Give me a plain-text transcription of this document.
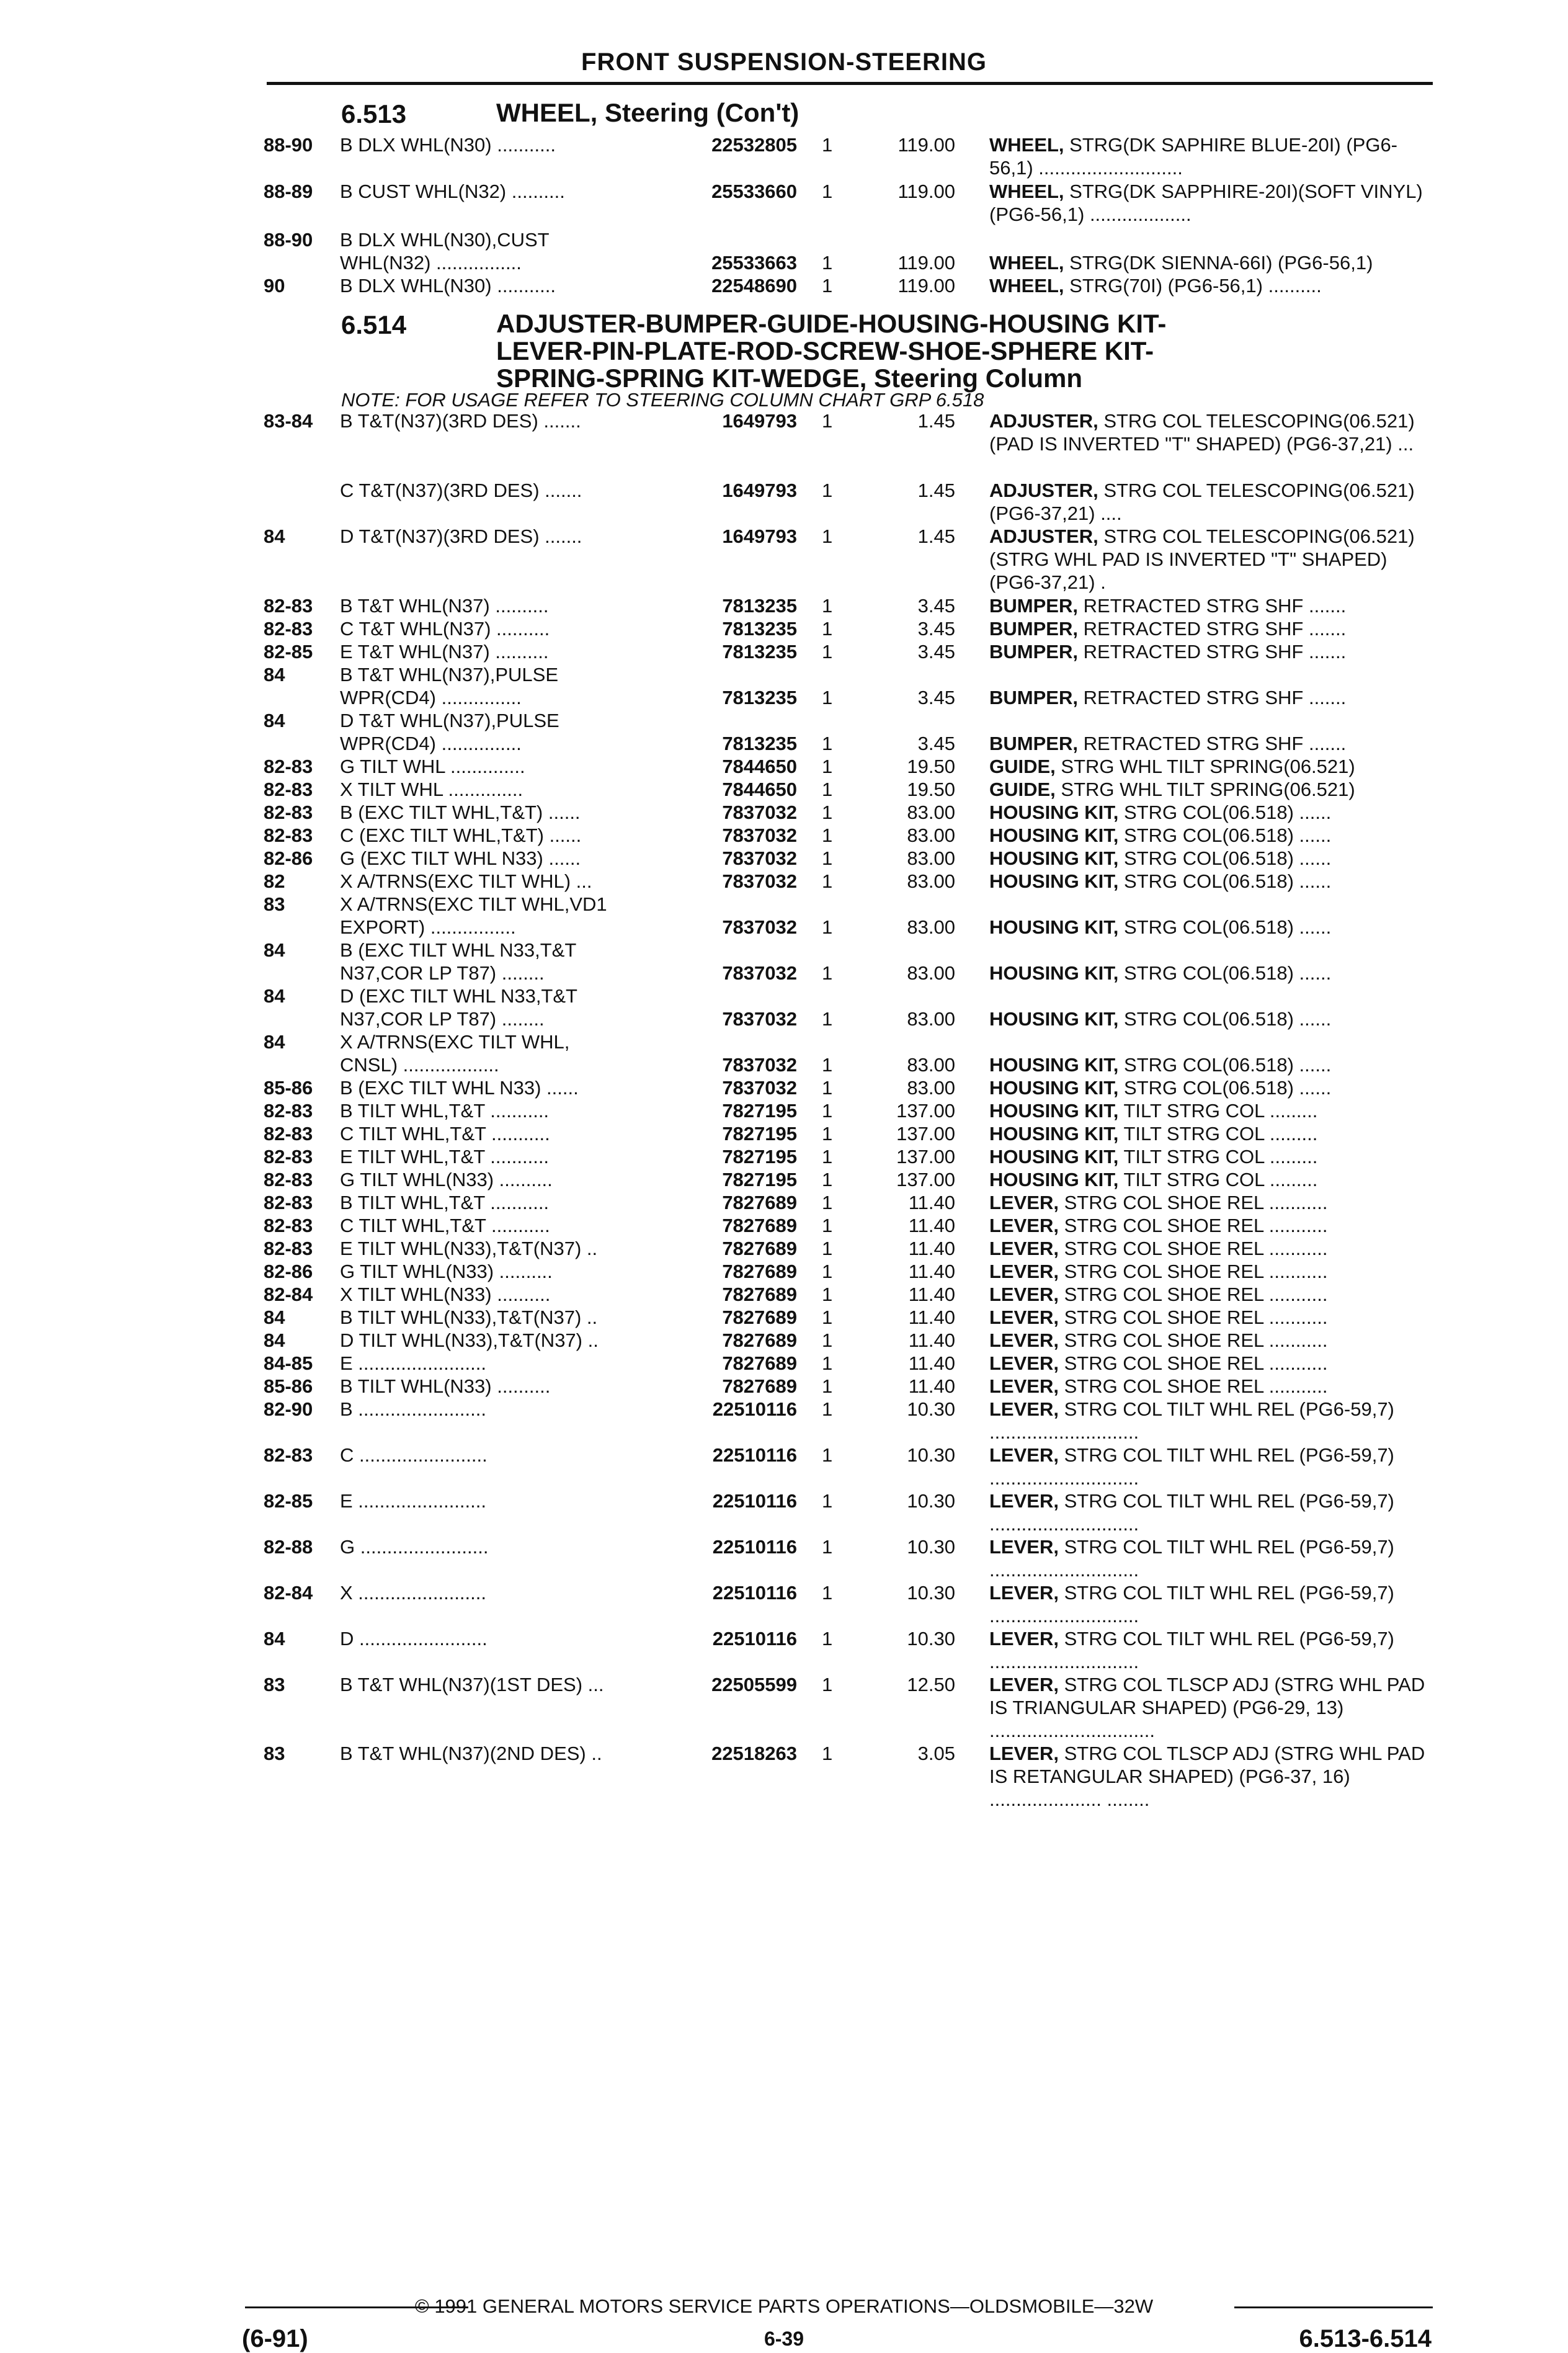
FRONT SUSPENSION-STEERING
6.513	WHEEL, Steering (Con't)
6.514	ADJUSTER-BUMPER-GUIDE-HOUSING-HOUSING KIT-
LEVER-PIN-PLATE-ROD-SCREW-SHOE-SPHERE KIT-
SPRING-SPRING KIT-WEDGE, Steering Column
NOTE: FOR USAGE REFER TO STEERING COLUMN CHART GRP 6.518
88-90 B DLX WHL(N30) ...........	22532805 1	119.00 WHEEL, STRG(DK SAPHIRE BLUE-20I) (PG6-56,1) ...........................
88-89 B CUST WHL(N32) ..........	25533660 1	119.00 WHEEL, STRG(DK SAPPHIRE-20I)(SOFT VINYL) (PG6-56,1) ...................
88-90 B DLX WHL(N30),CUST
WHL(N32) ................	25533663 1	119.00 WHEEL, STRG(DK SIENNA-66I) (PG6-56,1)
90	B DLX WHL(N30) ...........	22548690 1	119.00 WHEEL, STRG(70I) (PG6-56,1) ..........
83-84 B T&T(N37)(3RD DES) .......	1649793 1	1.45 ADJUSTER, STRG COL TELESCOPING(06.521) (PAD IS INVERTED "T" SHAPED) (PG6-37,21) ...
C T&T(N37)(3RD DES) .......	1649793 1	1.45 ADJUSTER, STRG COL TELESCOPING(06.521) (PG6-37,21) ....
84	D T&T(N37)(3RD DES) .......	1649793 1	1.45 ADJUSTER, STRG COL TELESCOPING(06.521) (STRG WHL PAD IS INVERTED "T" SHAPED) (PG6-37,21) .
82-83 B T&T WHL(N37) ..........	7813235 1	3.45 BUMPER, RETRACTED STRG SHF .......
82-83 C T&T WHL(N37) ..........	7813235 1	3.45 BUMPER, RETRACTED STRG SHF .......
82-85 E T&T WHL(N37) ..........	7813235 1	3.45 BUMPER, RETRACTED STRG SHF .......
84	B T&T WHL(N37),PULSE
WPR(CD4) ...............	7813235 1	3.45 BUMPER, RETRACTED STRG SHF .......
84	D T&T WHL(N37),PULSE
WPR(CD4) ...............	7813235 1	3.45 BUMPER, RETRACTED STRG SHF .......
82-83 G TILT WHL ..............	7844650 1	19.50 GUIDE, STRG WHL TILT SPRING(06.521)
82-83 X TILT WHL ..............	7844650 1	19.50 GUIDE, STRG WHL TILT SPRING(06.521)
82-83 B (EXC TILT WHL,T&T) ......	7837032 1	83.00 HOUSING KIT, STRG COL(06.518) ......
82-83 C (EXC TILT WHL,T&T) ......	7837032 1	83.00 HOUSING KIT, STRG COL(06.518) ......
82-86 G (EXC TILT WHL N33) ......	7837032 1	83.00 HOUSING KIT, STRG COL(06.518) ......
82	X A/TRNS(EXC TILT WHL) ...	7837032 1	83.00 HOUSING KIT, STRG COL(06.518) ......
83	X A/TRNS(EXC TILT WHL,VD1
EXPORT) ................	7837032 1	83.00 HOUSING KIT, STRG COL(06.518) ......
84	B (EXC TILT WHL N33,T&T
N37,COR LP T87) ........	7837032 1	83.00 HOUSING KIT, STRG COL(06.518) ......
84	D (EXC TILT WHL N33,T&T
N37,COR LP T87) ........	7837032 1	83.00 HOUSING KIT, STRG COL(06.518) ......
84	X A/TRNS(EXC TILT WHL,
CNSL) ..................	7837032 1	83.00 HOUSING KIT, STRG COL(06.518) ......
85-86 B (EXC TILT WHL N33) ......	7837032 1	83.00 HOUSING KIT, STRG COL(06.518) ......
82-83 B TILT WHL,T&T ...........	7827195 1	137.00 HOUSING KIT, TILT STRG COL .........
82-83 C TILT WHL,T&T ...........	7827195 1	137.00 HOUSING KIT, TILT STRG COL .........
82-83 E TILT WHL,T&T ...........	7827195 1	137.00 HOUSING KIT, TILT STRG COL .........
82-83 G TILT WHL(N33) ..........	7827195 1	137.00 HOUSING KIT, TILT STRG COL .........
82-83 B TILT WHL,T&T ...........	7827689 1	11.40 LEVER, STRG COL SHOE REL ...........
82-83 C TILT WHL,T&T ...........	7827689 1	11.40 LEVER, STRG COL SHOE REL ...........
82-83 E TILT WHL(N33),T&T(N37) ..	7827689 1	11.40 LEVER, STRG COL SHOE REL ...........
82-86 G TILT WHL(N33) ..........	7827689 1	11.40 LEVER, STRG COL SHOE REL ...........
82-84 X TILT WHL(N33) ..........	7827689 1	11.40 LEVER, STRG COL SHOE REL ...........
84	B TILT WHL(N33),T&T(N37) ..	7827689 1	11.40 LEVER, STRG COL SHOE REL ...........
84	D TILT WHL(N33),T&T(N37) ..	7827689 1	11.40 LEVER, STRG COL SHOE REL ...........
84-85 E ........................	7827689 1	11.40 LEVER, STRG COL SHOE REL ...........
85-86 B TILT WHL(N33) ..........	7827689 1	11.40 LEVER, STRG COL SHOE REL ...........
82-90 B ........................	22510116 1	10.30 LEVER, STRG COL TILT WHL REL (PG6-59,7) ............................
82-83 C ........................	22510116 1	10.30 LEVER, STRG COL TILT WHL REL (PG6-59,7) ............................
82-85 E ........................	22510116 1	10.30 LEVER, STRG COL TILT WHL REL (PG6-59,7) ............................
82-88 G ........................	22510116 1	10.30 LEVER, STRG COL TILT WHL REL (PG6-59,7) ............................
82-84 X ........................	22510116 1	10.30 LEVER, STRG COL TILT WHL REL (PG6-59,7) ............................
84	D ........................	22510116 1	10.30 LEVER, STRG COL TILT WHL REL (PG6-59,7) ............................
83	B T&T WHL(N37)(1ST DES) ...	22505599 1	12.50 LEVER, STRG COL TLSCP ADJ (STRG WHL PAD IS TRIANGULAR SHAPED) (PG6-29, 13) ...............................
83	B T&T WHL(N37)(2ND DES) ..	22518263 1	3.05 LEVER, STRG COL TLSCP ADJ (STRG WHL PAD IS RETANGULAR SHAPED) (PG6-37, 16) ..................... ........
© 1991 GENERAL MOTORS SERVICE PARTS OPERATIONS—OLDSMOBILE—32W
(6-91)	6-39	6.513-6.514
